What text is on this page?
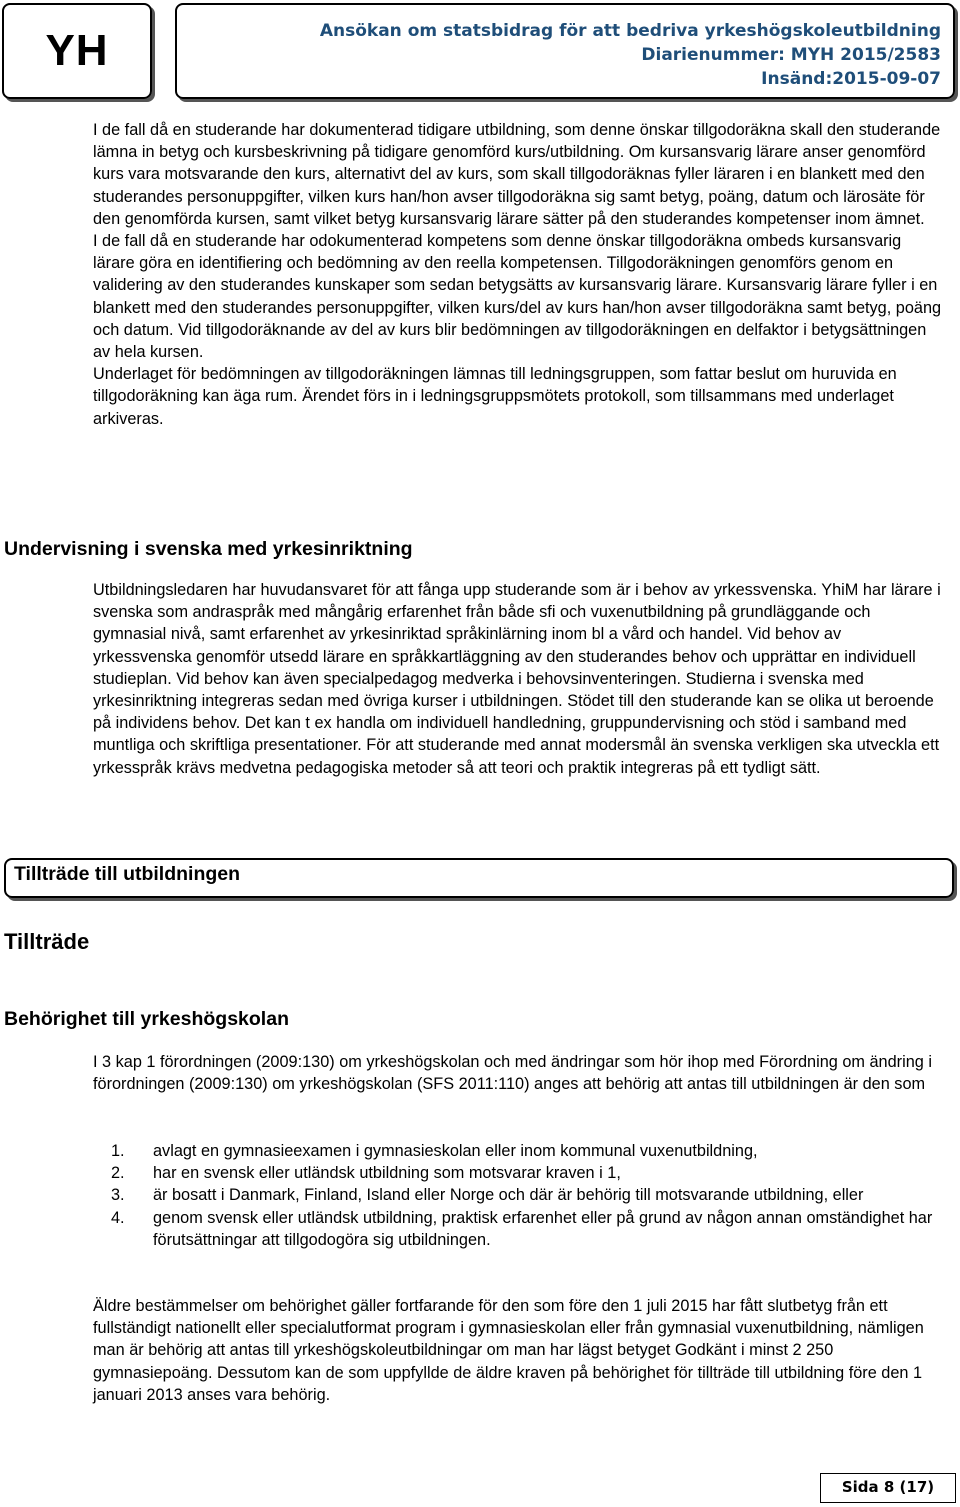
YH	Ansökan om statsbidrag för att bedriva yrkeshögskoleutbildning
Diarienummer: MYH 2015/2583
Insänd:2015-09-07

I de fall då en studerande har dokumenterad tidigare utbildning, som denne önskar tillgodoräkna skall den studerande lämna in betyg och kursbeskrivning på tidigare genomförd kurs/utbildning. Om kursansvarig lärare anser genomförd kurs vara motsvarande den kurs, alternativt del av kurs, som skall tillgodoräknas fyller läraren i en blankett med den studerandes personuppgifter, vilken kurs han/hon avser tillgodoräkna sig samt betyg, poäng, datum och lärosäte för den genomförda kursen, samt vilket betyg kursansvarig lärare sätter på den studerandes kompetenser inom ämnet.

I de fall då en studerande har odokumenterad kompetens som denne önskar tillgodoräkna ombeds kursansvarig lärare göra en identifiering och bedömning av den reella kompetensen. Tillgodoräkningen genomförs genom en validering av den studerandes kunskaper som sedan betygsätts av kursansvarig lärare. Kursansvarig lärare fyller i en blankett med den studerandes personuppgifter, vilken kurs/del av kurs han/hon avser tillgodoräkna samt betyg, poäng och datum. Vid tillgodoräknande av del av kurs blir bedömningen av tillgodoräkningen en delfaktor i betygsättningen av hela kursen.

Underlaget för bedömningen av tillgodoräkningen lämnas till ledningsgruppen, som fattar beslut om huruvida en tillgodoräkning kan äga rum. Ärendet förs in i ledningsgruppsmötets protokoll, som tillsammans med underlaget arkiveras.

Undervisning i svenska med yrkesinriktning

Utbildningsledaren har huvudansvaret för att fånga upp studerande som är i behov av yrkessvenska. YhiM har lärare i svenska som andraspråk med mångårig erfarenhet från både sfi och vuxenutbildning på grundläggande och gymnasial nivå, samt erfarenhet av yrkesinriktad språkinlärning inom bl a vård och handel. Vid behov av yrkessvenska genomför utsedd lärare en språkkartläggning av den studerandes behov och upprättar en individuell studieplan. Vid behov kan även specialpedagog medverka i behovsinventeringen. Studierna i svenska med yrkesinriktning integreras sedan med övriga kurser i utbildningen. Stödet till den studerande kan se olika ut beroende på individens behov. Det kan t ex handla om individuell handledning, gruppundervisning och stöd i samband med muntliga och skriftliga presentationer. För att studerande med annat modersmål än svenska verkligen ska utveckla ett yrkesspråk krävs medvetna pedagogiska metoder så att teori och praktik integreras på ett tydligt sätt.

Tillträde till utbildningen
Tillträde
Behörighet till yrkeshögskolan

I 3 kap 1 förordningen (2009:130) om yrkeshögskolan och med ändringar som hör ihop med Förordning om ändring i förordningen (2009:130) om yrkeshögskolan (SFS 2011:110) anges att behörig att antas till utbildningen är den som

1.	avlagt en gymnasieexamen i gymnasieskolan eller inom kommunal vuxenutbildning,
2.	har en svensk eller utländsk utbildning som motsvarar kraven i 1,
3.	är bosatt i Danmark, Finland, Island eller Norge och där är behörig till motsvarande utbildning, eller
4.	genom svensk eller utländsk utbildning, praktisk erfarenhet eller på grund av någon annan omständighet har förutsättningar att tillgodogöra sig utbildningen.

Äldre bestämmelser om behörighet gäller fortfarande för den som före den 1 juli 2015 har fått slutbetyg från ett fullständigt nationellt eller specialutformat program i gymnasieskolan eller från gymnasial vuxenutbildning, nämligen man är behörig att antas till yrkeshögskoleutbildningar om man har lägst betyget Godkänt i minst 2 250 gymnasiepoäng. Dessutom kan de som uppfyllde de äldre kraven på behörighet för tillträde till utbildning före den 1 januari 2013 anses vara behörig.

Sida 8 (17)
